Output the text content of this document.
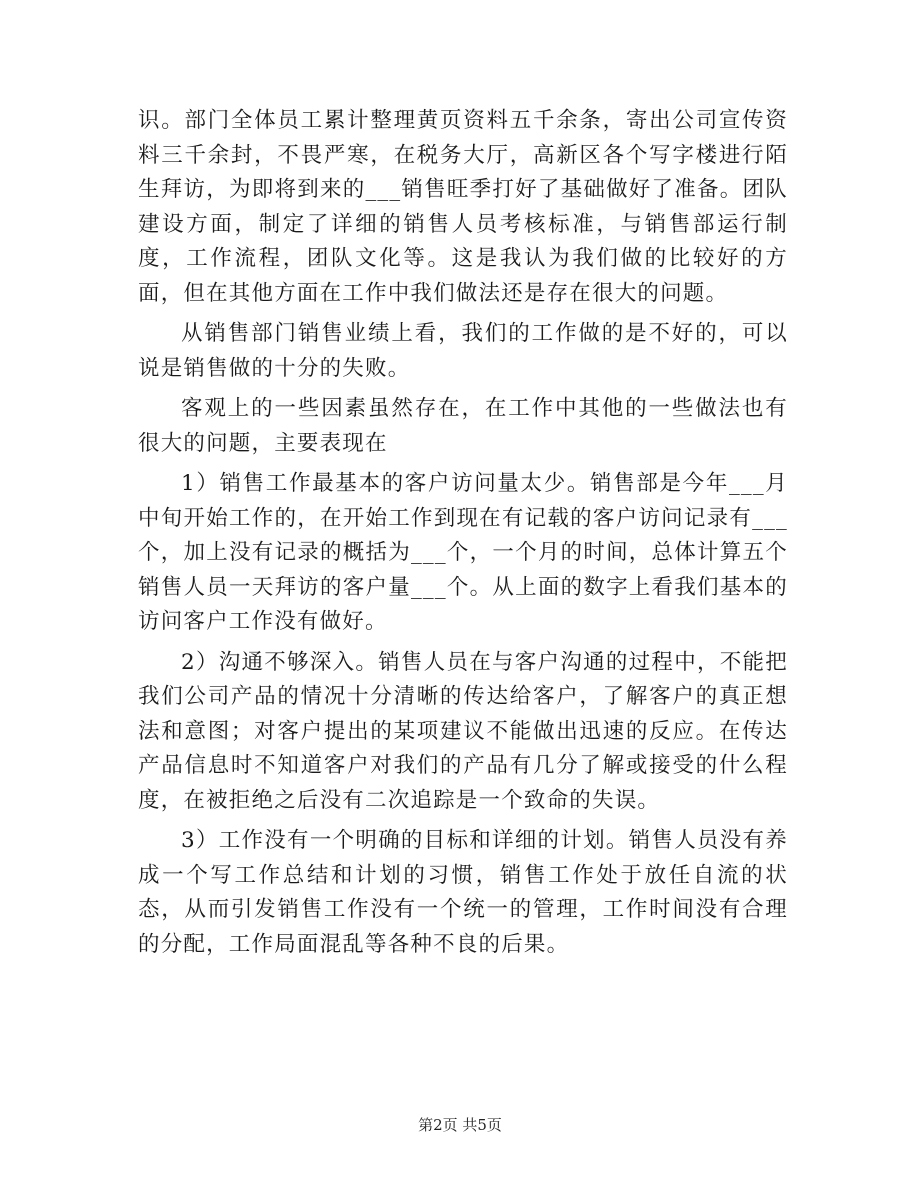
识。部门全体员工累计整理黄页资料五千余条，寄出公司宣传资料三千余封，不畏严寒，在税务大厅，高新区各个写字楼进行陌生拜访，为即将到来的___销售旺季打好了基础做好了准备。团队建设方面，制定了详细的销售人员考核标准，与销售部运行制度，工作流程，团队文化等。这是我认为我们做的比较好的方面，但在其他方面在工作中我们做法还是存在很大的问题。

从销售部门销售业绩上看，我们的工作做的是不好的，可以说是销售做的十分的失败。

客观上的一些因素虽然存在，在工作中其他的一些做法也有很大的问题，主要表现在

1）销售工作最基本的客户访问量太少。销售部是今年___月中旬开始工作的，在开始工作到现在有记载的客户访问记录有___个，加上没有记录的概括为___个，一个月的时间，总体计算五个销售人员一天拜访的客户量___个。从上面的数字上看我们基本的访问客户工作没有做好。

2）沟通不够深入。销售人员在与客户沟通的过程中，不能把我们公司产品的情况十分清晰的传达给客户，了解客户的真正想法和意图；对客户提出的某项建议不能做出迅速的反应。在传达产品信息时不知道客户对我们的产品有几分了解或接受的什么程度，在被拒绝之后没有二次追踪是一个致命的失误。

3）工作没有一个明确的目标和详细的计划。销售人员没有养成一个写工作总结和计划的习惯，销售工作处于放任自流的状态，从而引发销售工作没有一个统一的管理，工作时间没有合理的分配，工作局面混乱等各种不良的后果。

第2页 共5页
